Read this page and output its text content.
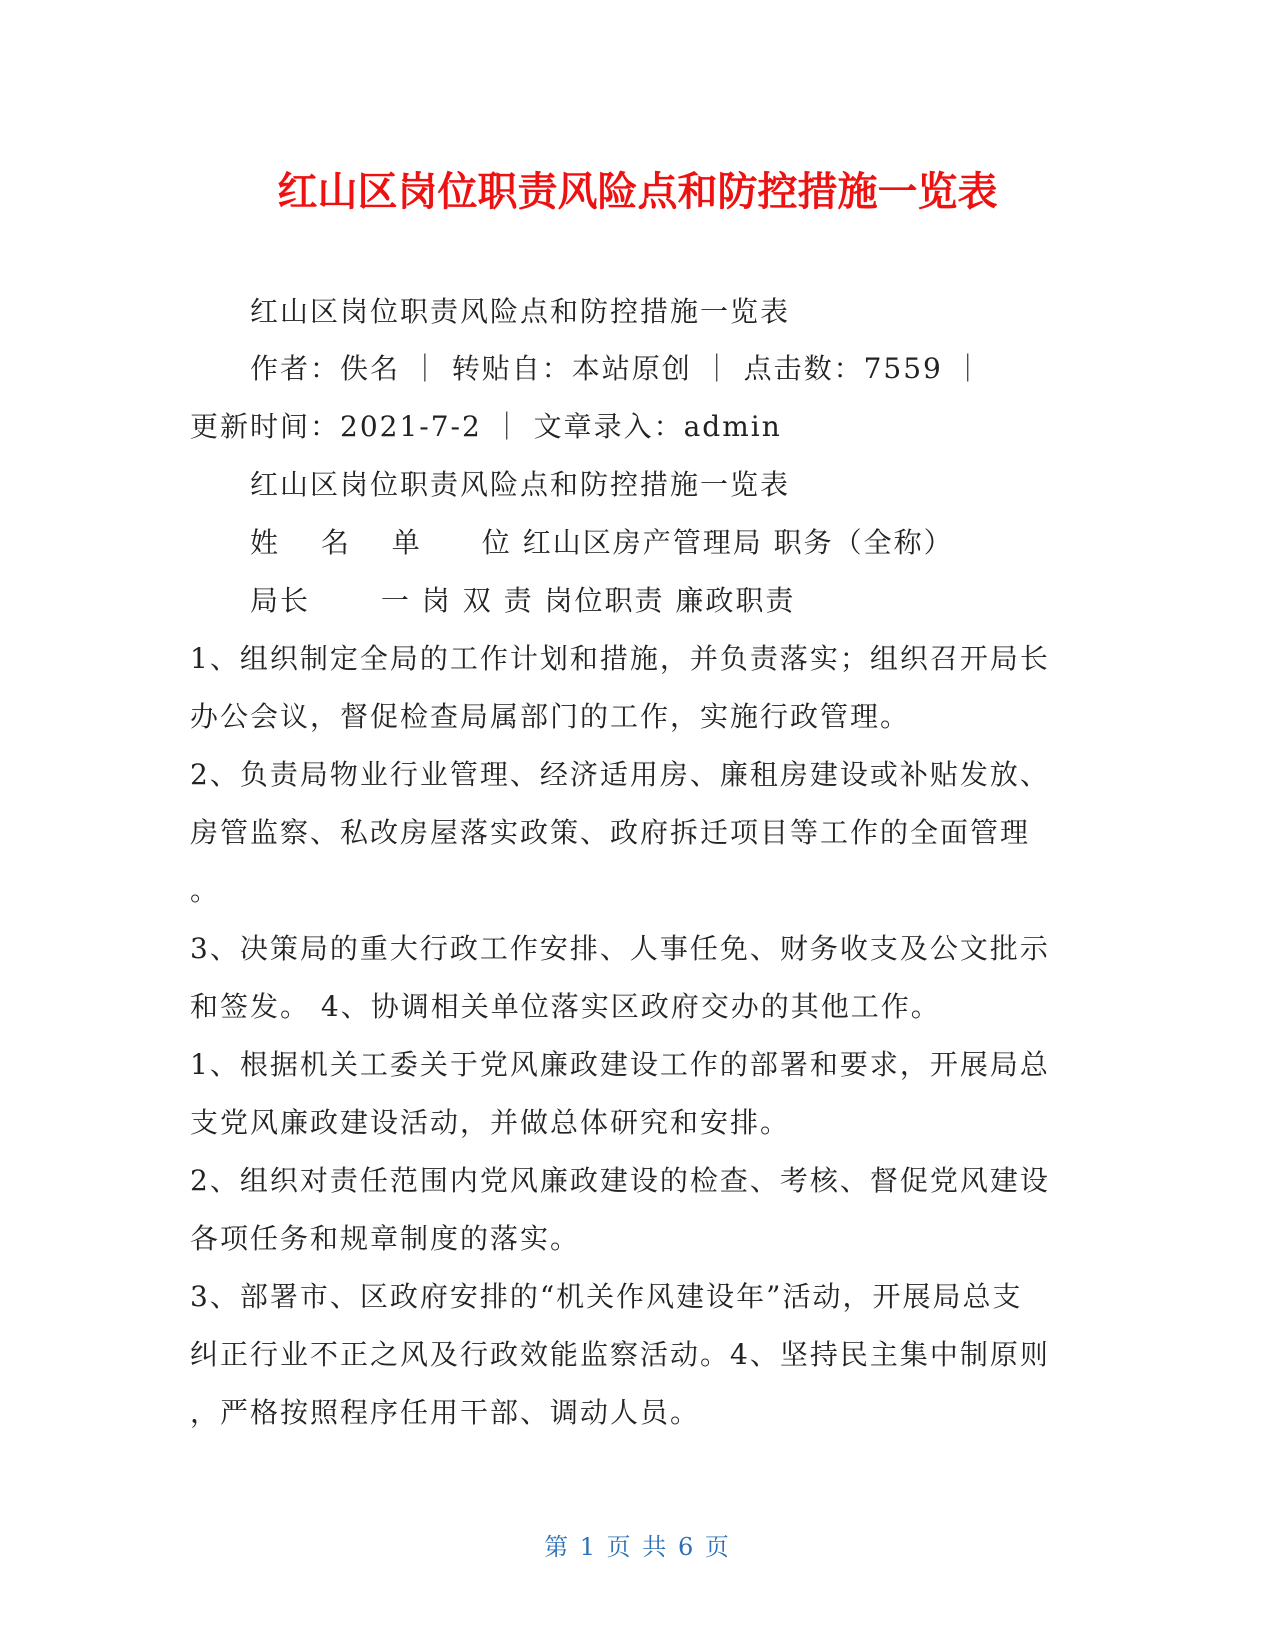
红山区岗位职责风险点和防控措施一览表

红山区岗位职责风险点和防控措施一览表

作者：佚名 ｜ 转贴自：本站原创 ｜ 点击数：7559 ｜

更新时间：2021-7-2 ｜ 文章录入：admin

红山区岗位职责风险点和防控措施一览表

姓　 名　 单　　位 红山区房产管理局 职务（全称）

局长　　 一 岗 双 责 岗位职责 廉政职责

1、组织制定全局的工作计划和措施，并负责落实；组织召开局长

办公会议，督促检查局属部门的工作，实施行政管理。

2、负责局物业行业管理、经济适用房、廉租房建设或补贴发放、

房管监察、私改房屋落实政策、政府拆迁项目等工作的全面管理

。

3、决策局的重大行政工作安排、人事任免、财务收支及公文批示

和签发。 4、协调相关单位落实区政府交办的其他工作。

1、根据机关工委关于党风廉政建设工作的部署和要求，开展局总

支党风廉政建设活动，并做总体研究和安排。

2、组织对责任范围内党风廉政建设的检查、考核、督促党风建设

各项任务和规章制度的落实。

3、部署市、区政府安排的“机关作风建设年”活动，开展局总支

纠正行业不正之风及行政效能监察活动。4、坚持民主集中制原则

，严格按照程序任用干部、调动人员。

第 1 页 共 6 页
